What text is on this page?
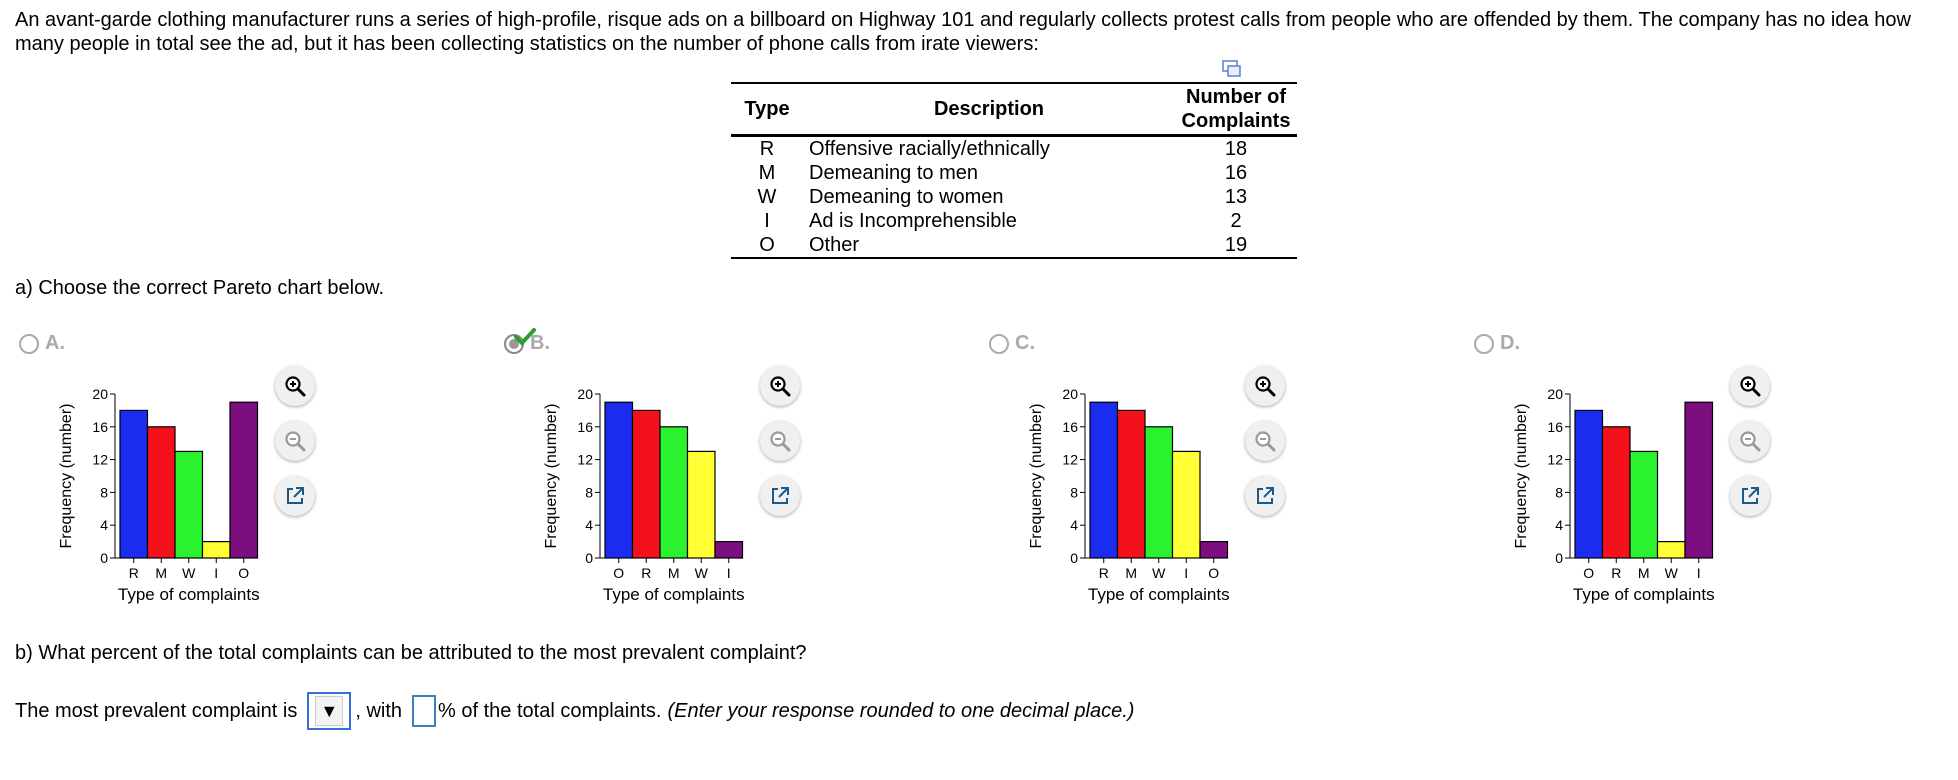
An avant-garde clothing manufacturer runs a series of high-profile, risque ads on a billboard on Highway 101 and regularly collects protest calls from people who are offended by them. The company has no idea how many people in total see the ad, but it has been collecting statistics on the number of phone calls from irate viewers:
Type	Description	Number of
Complaints
R	Offensive racially/ethnically	18
M	Demeaning to men	16
W	Demeaning to women	13
I	Ad is Incomprehensible	2
O	Other	19
a) Choose the correct Pareto chart below.
A.
0
4
8
12
16
20
R M W I O
Type of complaints
Frequency (number)
B.
0
4
8
12
16
20
O R M W I
Type of complaints
Frequency (number)
C.
0
4
8
12
16
20
R M W I O
Type of complaints
Frequency (number)
D.
0
4
8
12
16
20
O R M W I
Type of complaints
Frequency (number)
b) What percent of the total complaints can be attributed to the most prevalent complaint?
The most prevalent complaint is ▼ , with % of the total complaints. (Enter your response rounded to one decimal place.)
